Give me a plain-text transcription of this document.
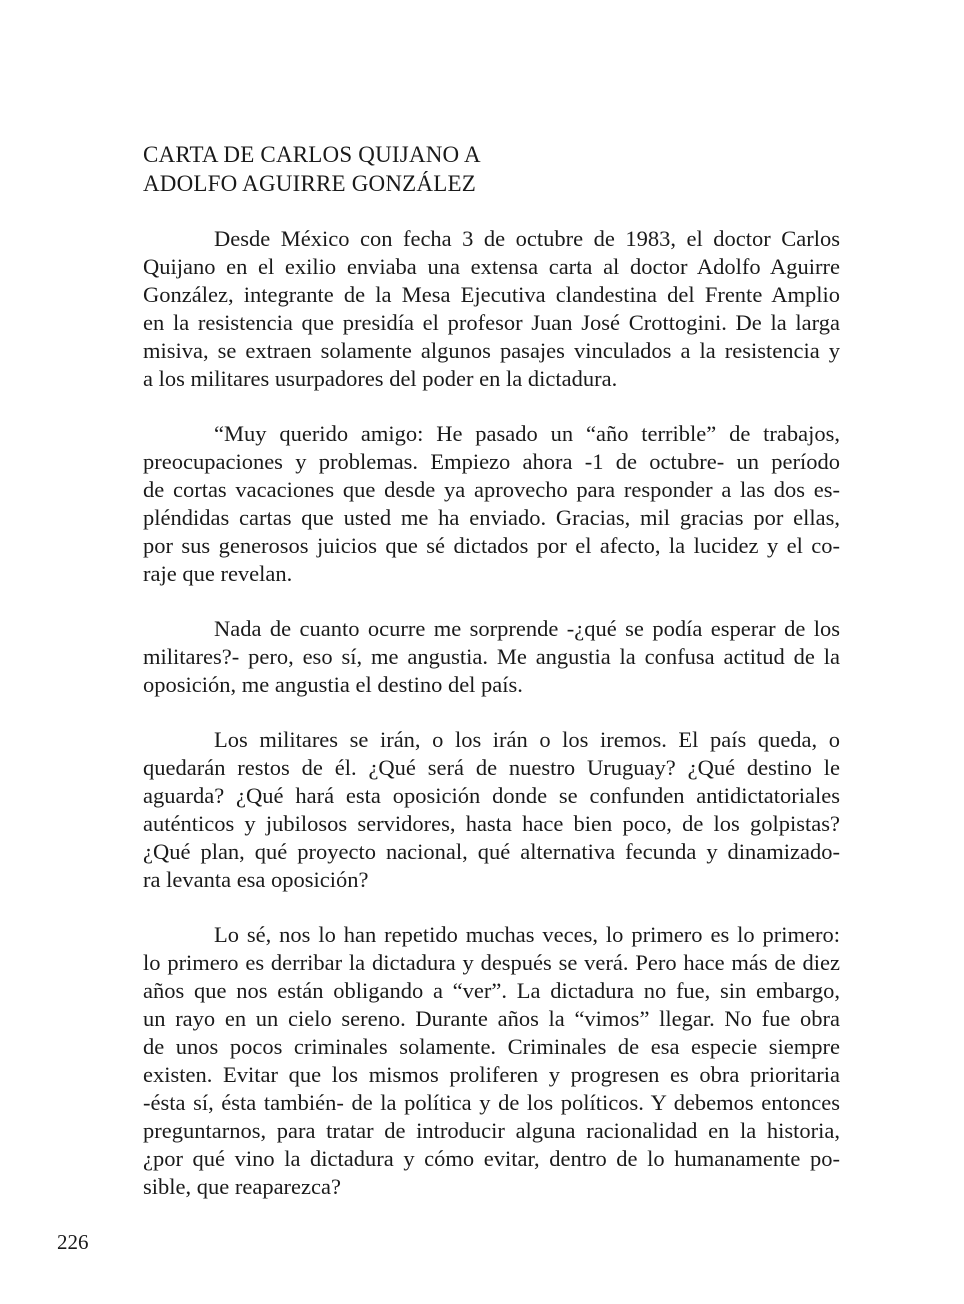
CARTA DE CARLOS QUIJANO A
ADOLFO AGUIRRE GONZÁLEZ

Desde México con fecha 3 de octubre de 1983, el doctor Carlos
Quijano en el exilio enviaba una extensa carta al doctor Adolfo Aguirre
González, integrante de la Mesa Ejecutiva clandestina del Frente Amplio
en la resistencia que presidía el profesor Juan José Crottogini. De la larga
misiva, se extraen solamente algunos pasajes vinculados a la resistencia y
a los militares usurpadores del poder en la dictadura.

“Muy querido amigo: He pasado un “año terrible” de trabajos,
preocupaciones y problemas. Empiezo ahora -1 de octubre- un período
de cortas vacaciones que desde ya aprovecho para responder a las dos es-
pléndidas cartas que usted me ha enviado. Gracias, mil gracias por ellas,
por sus generosos juicios que sé dictados por el afecto, la lucidez y el co-
raje que revelan.

Nada de cuanto ocurre me sorprende -¿qué se podía esperar de los
militares?- pero, eso sí, me angustia. Me angustia la confusa actitud de la
oposición, me angustia el destino del país.

Los militares se irán, o los irán o los iremos. El país queda, o
quedarán restos de él. ¿Qué será de nuestro Uruguay? ¿Qué destino le
aguarda? ¿Qué hará esta oposición donde se confunden antidictatoriales
auténticos y jubilosos servidores, hasta hace bien poco, de los golpistas?
¿Qué plan, qué proyecto nacional, qué alternativa fecunda y dinamizado-
ra levanta esa oposición?

Lo sé, nos lo han repetido muchas veces, lo primero es lo primero:
lo primero es derribar la dictadura y después se verá. Pero hace más de diez
años que nos están obligando a “ver”. La dictadura no fue, sin embargo,
un rayo en un cielo sereno. Durante años la “vimos” llegar. No fue obra
de unos pocos criminales solamente. Criminales de esa especie siempre
existen. Evitar que los mismos proliferen y progresen es obra prioritaria
-ésta sí, ésta también- de la política y de los políticos. Y debemos entonces
preguntarnos, para tratar de introducir alguna racionalidad en la historia,
¿por qué vino la dictadura y cómo evitar, dentro de lo humanamente po-
sible, que reaparezca?

226
